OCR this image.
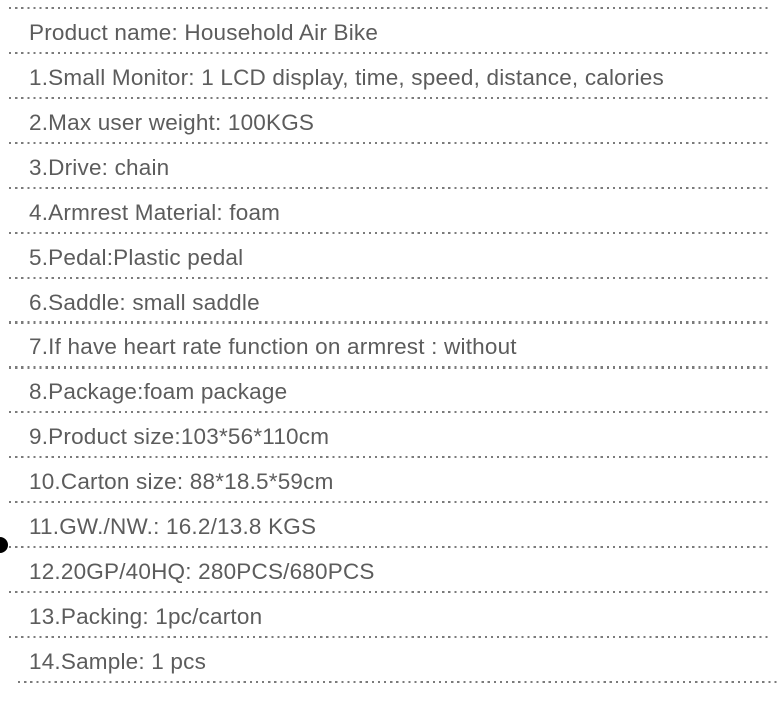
Product name: Household Air Bike
1.Small Monitor: 1 LCD display, time, speed, distance, calories
2.Max user weight: 100KGS
3.Drive: chain
4.Armrest Material: foam
5.Pedal:Plastic pedal
6.Saddle: small saddle
7.If have heart rate function on armrest : without
8.Package:foam package
9.Product size:103*56*110cm
10.Carton size: 88*18.5*59cm
11.GW./NW.: 16.2/13.8 KGS
12.20GP/40HQ: 280PCS/680PCS
13.Packing: 1pc/carton
14.Sample: 1 pcs
